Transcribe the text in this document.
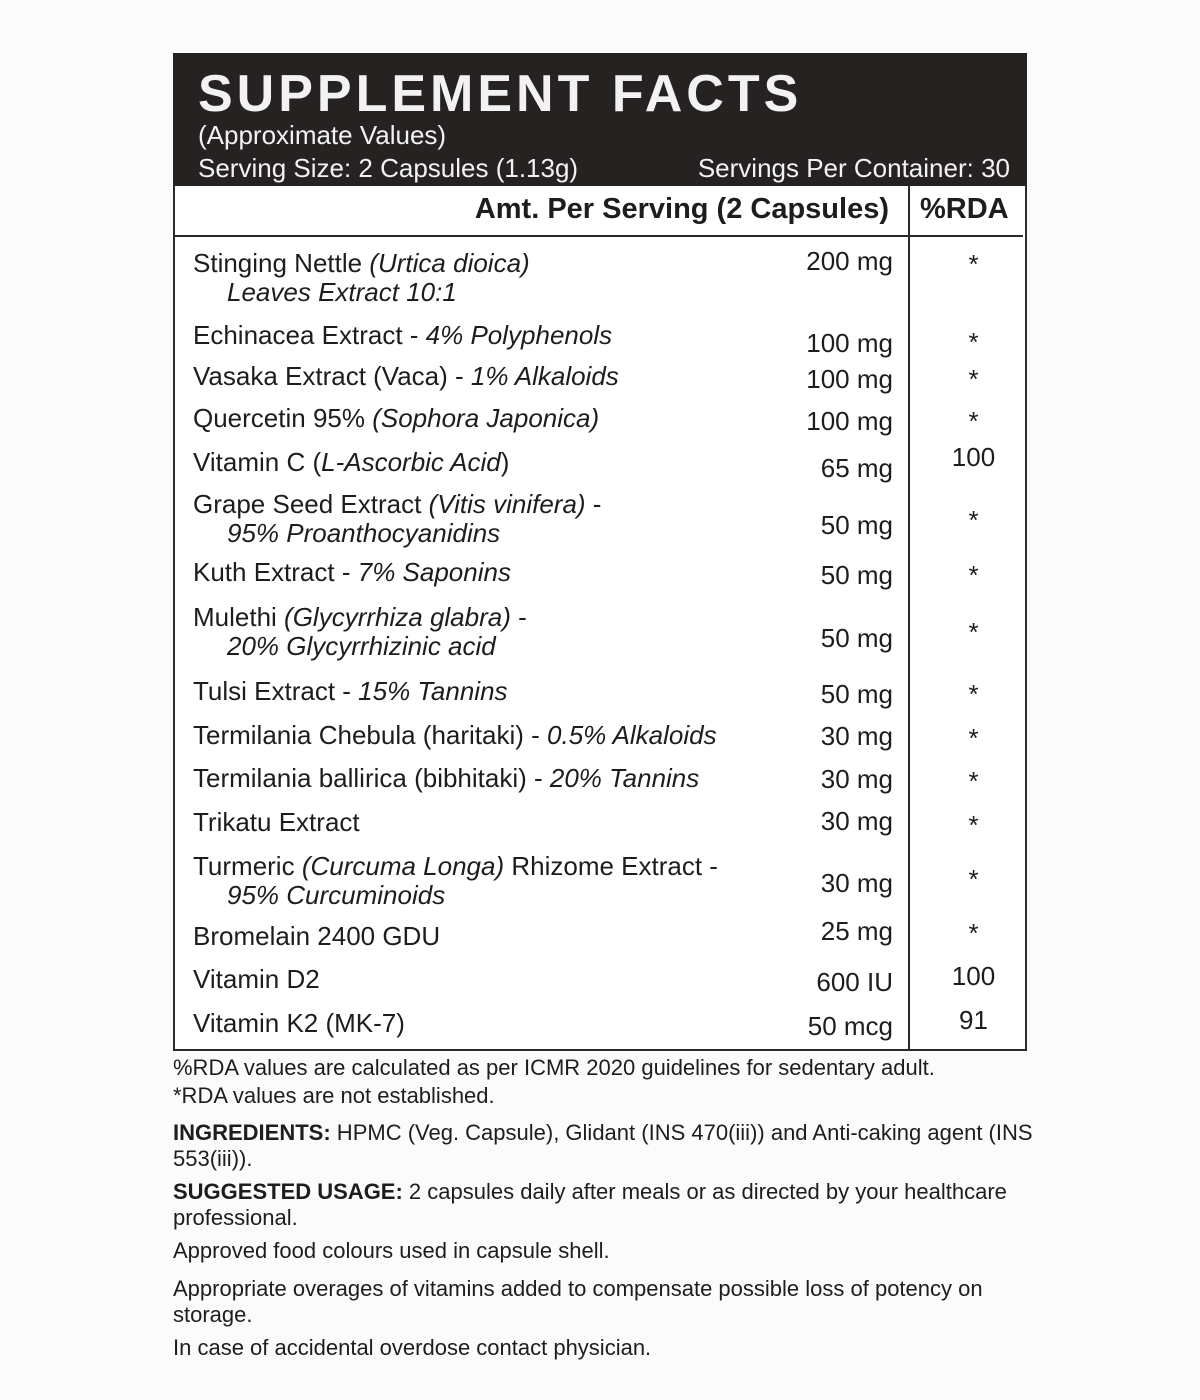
SUPPLEMENT FACTS
(Approximate Values)
Serving Size: 2 Capsules (1.13g)	Servings Per Container: 30
Amt. Per Serving (2 Capsules) %RDA
Stinging Nettle (Urtica dioica)
Leaves Extract 10:1
200 mg	*
Echinacea Extract - 4% Polyphenols	100 mg	*
Vasaka Extract (Vaca) - 1% Alkaloids	100 mg	*
Quercetin 95% (Sophora Japonica)	100 mg	*
Vitamin C (L-Ascorbic Acid)	65 mg	100
Grape Seed Extract (Vitis vinifera) -
95% Proanthocyanidins	50 mg	*
Kuth Extract - 7% Saponins	50 mg	*
Mulethi (Glycyrrhiza glabra) -
20% Glycyrrhizinic acid	50 mg	*
Tulsi Extract - 15% Tannins	50 mg	*
Termilania Chebula (haritaki) - 0.5% Alkaloids	30 mg	*
Termilania ballirica (bibhitaki) - 20% Tannins	30 mg	*
Trikatu Extract	30 mg	*
Turmeric (Curcuma Longa) Rhizome Extract -
95% Curcuminoids	30 mg	*
Bromelain 2400 GDU	25 mg	*
Vitamin D2	600 IU	100
Vitamin K2 (MK-7)	50 mcg	91
%RDA values are calculated as per ICMR 2020 guidelines for sedentary adult.
*RDA values are not established.
INGREDIENTS: HPMC (Veg. Capsule), Glidant (INS 470(iii)) and Anti-caking agent (INS 553(iii)).
SUGGESTED USAGE: 2 capsules daily after meals or as directed by your healthcare professional.
Approved food colours used in capsule shell.
Appropriate overages of vitamins added to compensate possible loss of potency on storage.
In case of accidental overdose contact physician.
